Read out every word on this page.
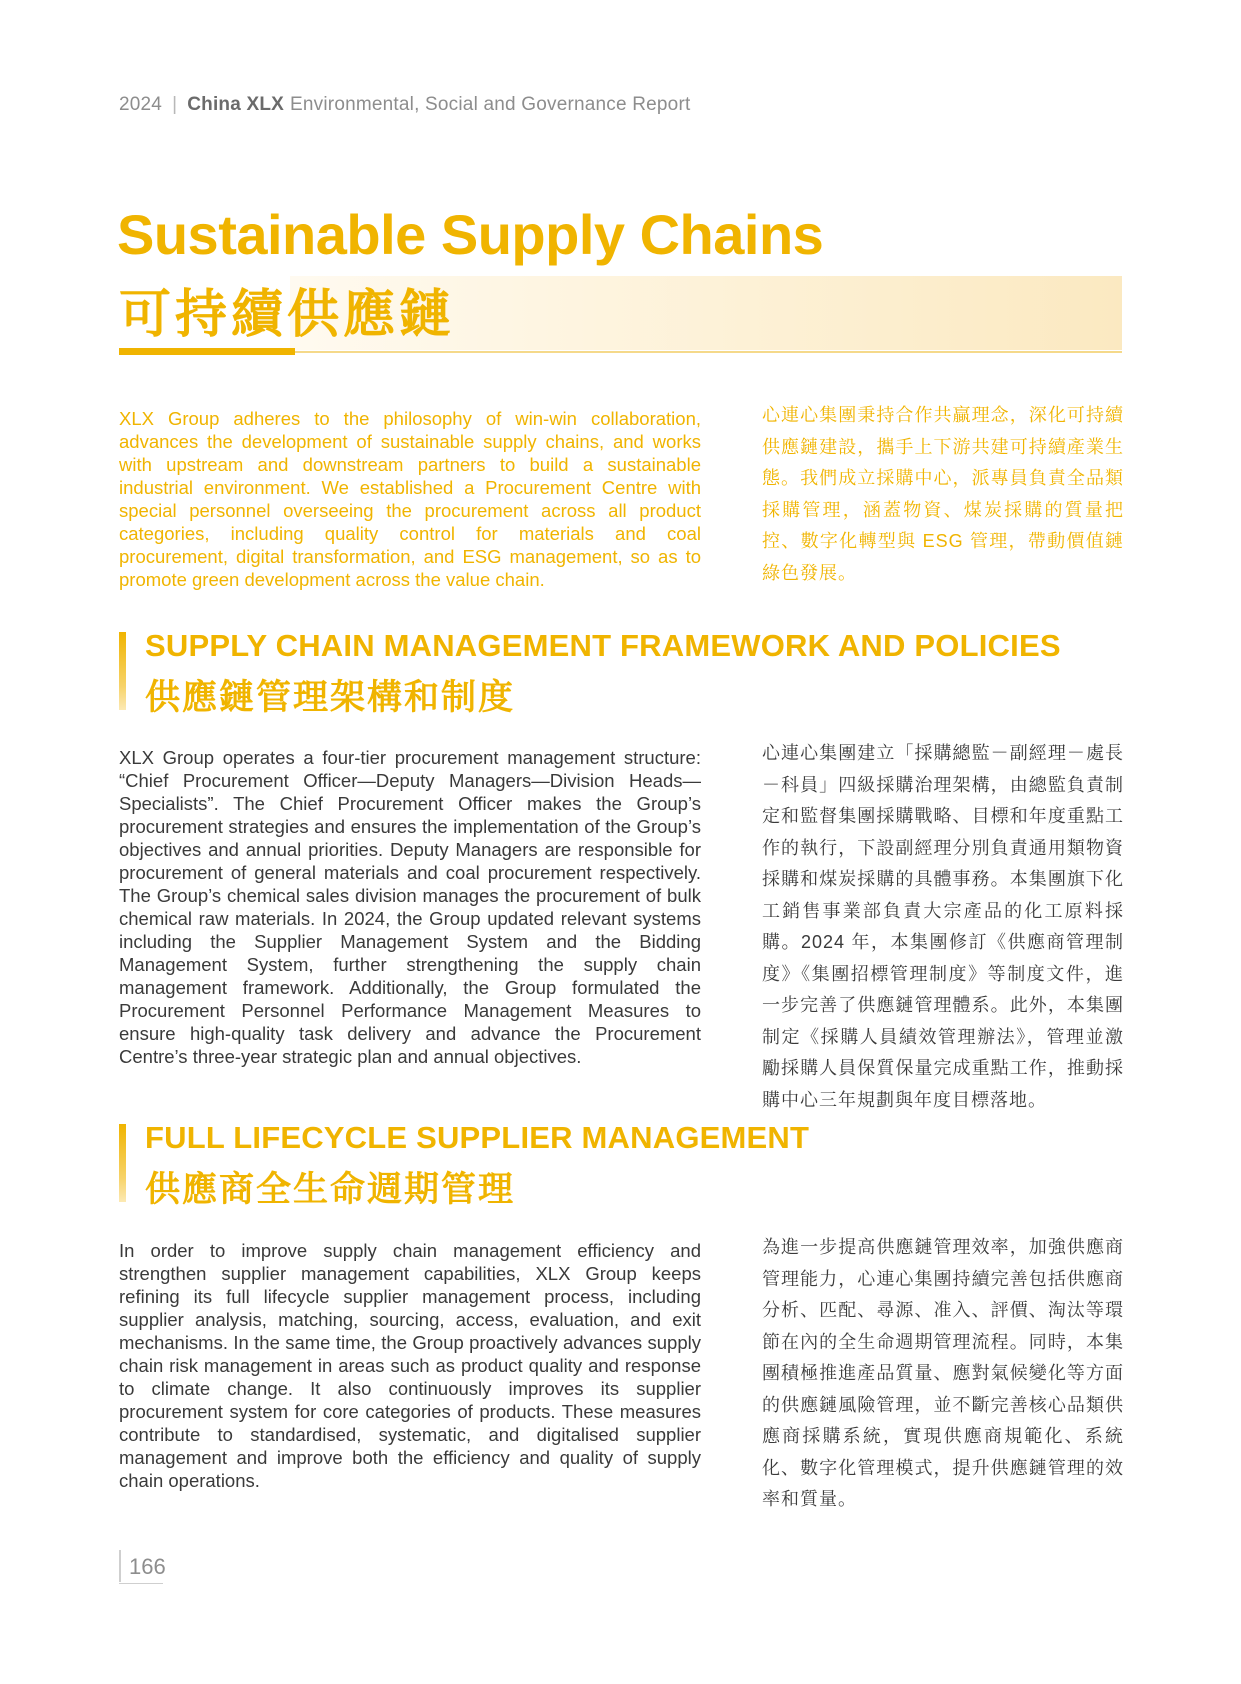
2024 | China XLX Environmental, Social and Governance Report
Sustainable Supply Chains
可持續供應鏈
XLX Group adheres to the philosophy of win-win collaboration, advances the development of sustainable supply chains, and works with upstream and downstream partners to build a sustainable industrial environment. We established a Procurement Centre with special personnel overseeing the procurement across all product categories, including quality control for materials and coal procurement, digital transformation, and ESG management, so as to promote green development across the value chain.
心連心集團秉持合作共贏理念，深化可持續供應鏈建設，攜手上下游共建可持續產業生態。我們成立採購中心，派專員負責全品類採購管理，涵蓋物資、煤炭採購的質量把控、數字化轉型與 ESG 管理，帶動價值鏈綠色發展。
SUPPLY CHAIN MANAGEMENT FRAMEWORK AND POLICIES
供應鏈管理架構和制度
XLX Group operates a four-tier procurement management structure: “Chief Procurement Officer—Deputy Managers—Division Heads—Specialists”. The Chief Procurement Officer makes the Group’s procurement strategies and ensures the implementation of the Group’s objectives and annual priorities. Deputy Managers are responsible for procurement of general materials and coal procurement respectively. The Group’s chemical sales division manages the procurement of bulk chemical raw materials. In 2024, the Group updated relevant systems including the Supplier Management System and the Bidding Management System, further strengthening the supply chain management framework. Additionally, the Group formulated the Procurement Personnel Performance Management Measures to ensure high-quality task delivery and advance the Procurement Centre’s three-year strategic plan and annual objectives.
心連心集團建立「採購總監－副經理－處長－科員」四級採購治理架構，由總監負責制定和監督集團採購戰略、目標和年度重點工作的執行，下設副經理分別負責通用類物資採購和煤炭採購的具體事務。本集團旗下化工銷售事業部負責大宗產品的化工原料採購。2024 年，本集團修訂《供應商管理制度》《集團招標管理制度》等制度文件，進一步完善了供應鏈管理體系。此外，本集團制定《採購人員績效管理辦法》，管理並激勵採購人員保質保量完成重點工作，推動採購中心三年規劃與年度目標落地。
FULL LIFECYCLE SUPPLIER MANAGEMENT
供應商全生命週期管理
In order to improve supply chain management efficiency and strengthen supplier management capabilities, XLX Group keeps refining its full lifecycle supplier management process, including supplier analysis, matching, sourcing, access, evaluation, and exit mechanisms. In the same time, the Group proactively advances supply chain risk management in areas such as product quality and response to climate change. It also continuously improves its supplier procurement system for core categories of products. These measures contribute to standardised, systematic, and digitalised supplier management and improve both the efficiency and quality of supply chain operations.
為進一步提高供應鏈管理效率，加強供應商管理能力，心連心集團持續完善包括供應商分析、匹配、尋源、准入、評價、淘汰等環節在內的全生命週期管理流程。同時，本集團積極推進產品質量、應對氣候變化等方面的供應鏈風險管理，並不斷完善核心品類供應商採購系統，實現供應商規範化、系統化、數字化管理模式，提升供應鏈管理的效率和質量。
166
